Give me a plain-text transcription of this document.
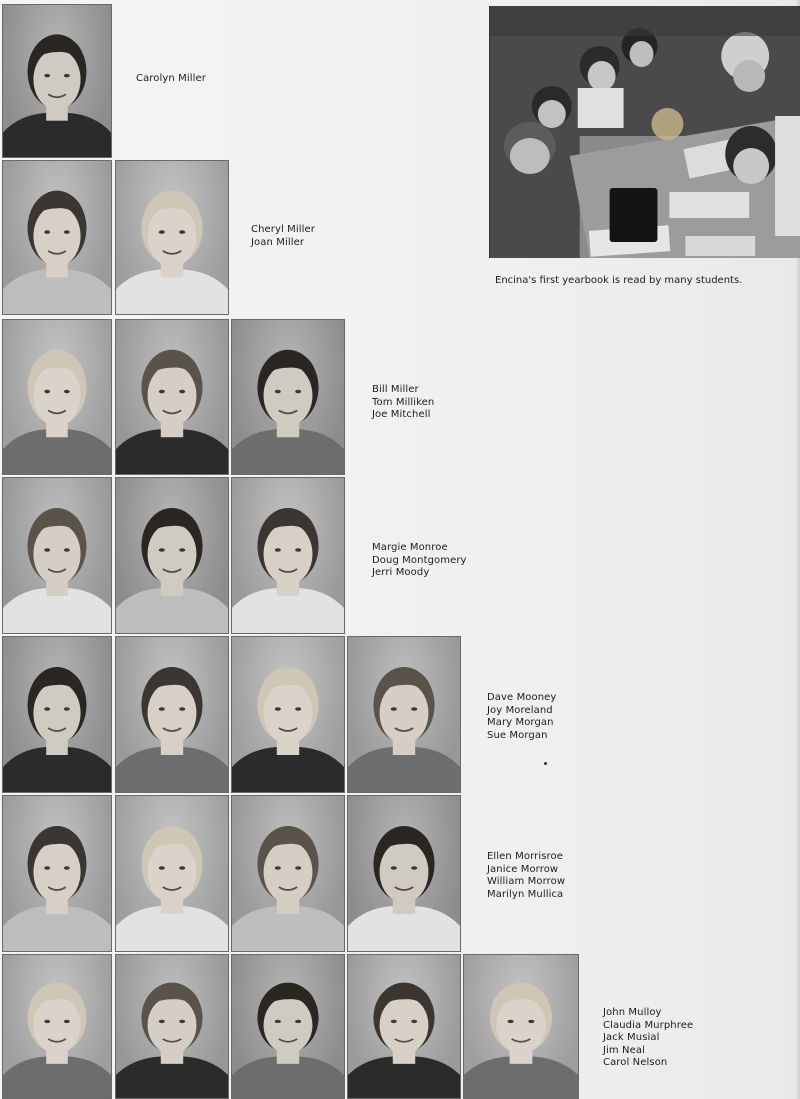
Carolyn Miller
Cheryl Miller
Joan Miller
Bill Miller
Tom Milliken
Joe Mitchell
Margie Monroe
Doug Montgomery
Jerri Moody
Dave Mooney
Joy Moreland
Mary Morgan
Sue Morgan
Ellen Morrisroe
Janice Morrow
William Morrow
Marilyn Mullica
John Mulloy
Claudia Murphree
Jack Musial
Jim Neal
Carol Nelson
Encina's first yearbook is read by many students.
